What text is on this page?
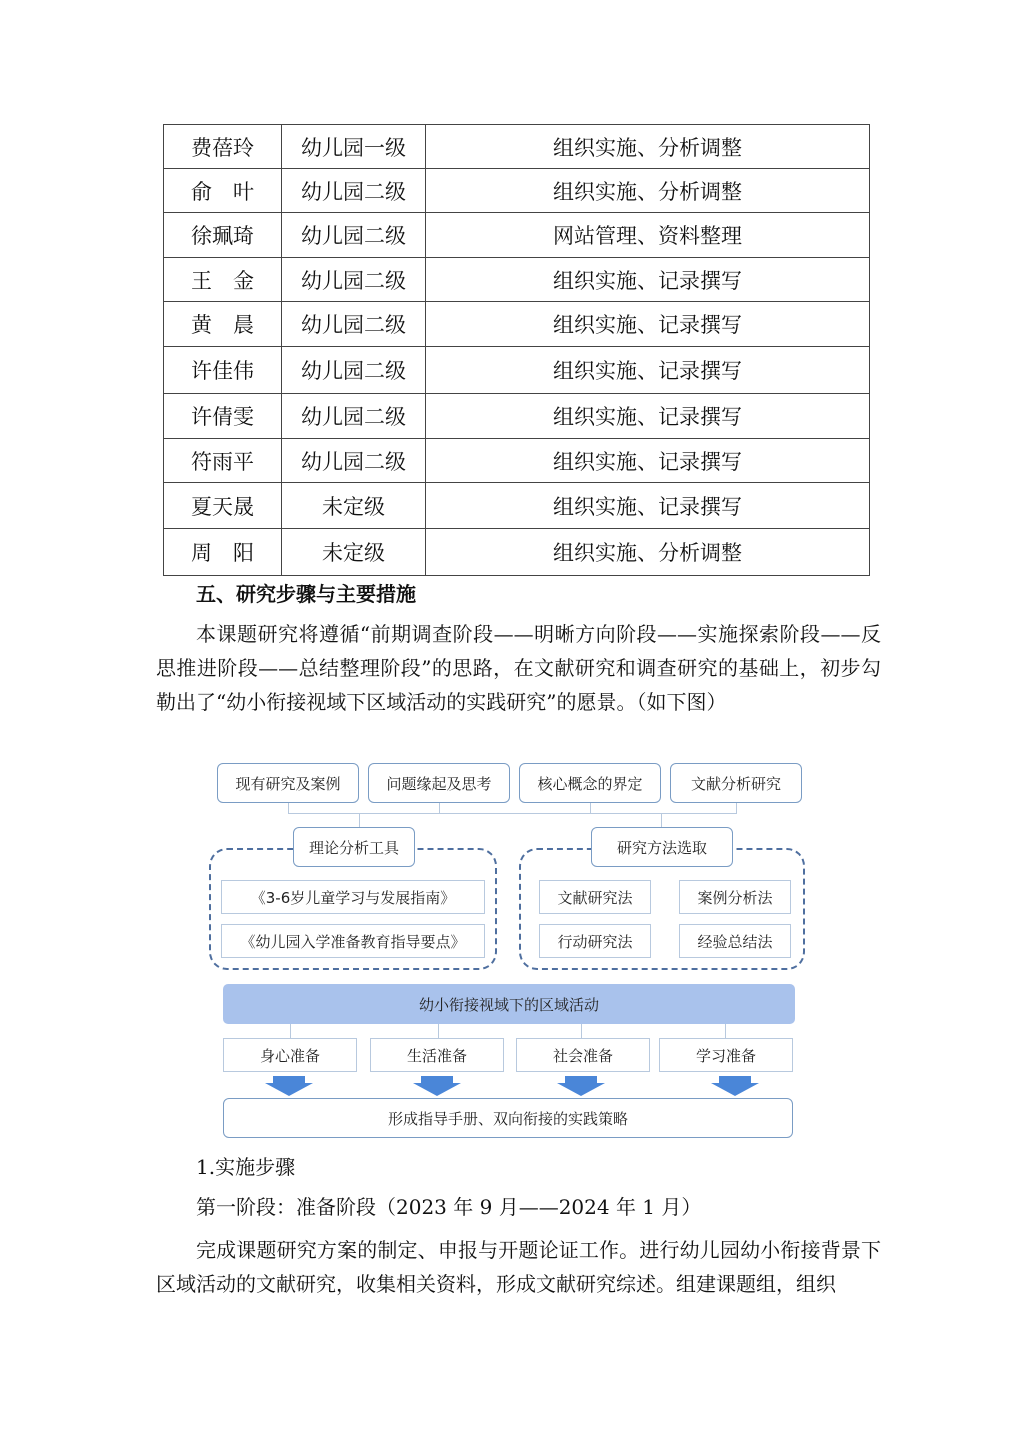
费蓓玲	幼儿园一级	组织实施、分析调整
俞　叶	幼儿园二级	组织实施、分析调整
徐珮琦	幼儿园二级	网站管理、资料整理
王　金	幼儿园二级	组织实施、记录撰写
黄　晨	幼儿园二级	组织实施、记录撰写
许佳伟	幼儿园二级	组织实施、记录撰写
许倩雯	幼儿园二级	组织实施、记录撰写
符雨平	幼儿园二级	组织实施、记录撰写
夏天晟	未定级	组织实施、记录撰写
周　阳	未定级	组织实施、分析调整
五、研究步骤与主要措施
本课题研究将遵循“前期调查阶段——明晰方向阶段——实施探索阶段——反思推进阶段——总结整理阶段”的思路，在文献研究和调查研究的基础上，初步勾勒出了“幼小衔接视域下区域活动的实践研究”的愿景。（如下图）
现有研究及案例	问题缘起及思考	核心概念的界定	文献分析研究
理论分析工具	研究方法选取
《3-6岁儿童学习与发展指南》
《幼儿园入学准备教育指导要点》
文献研究法	案例分析法
行动研究法	经验总结法
幼小衔接视域下的区域活动
身心准备	生活准备	社会准备	学习准备
形成指导手册、双向衔接的实践策略
1.实施步骤
第一阶段：准备阶段（2023 年 9 月——2024 年 1 月）
完成课题研究方案的制定、申报与开题论证工作。进行幼儿园幼小衔接背景下区域活动的文献研究，收集相关资料，形成文献研究综述。组建课题组，组织
